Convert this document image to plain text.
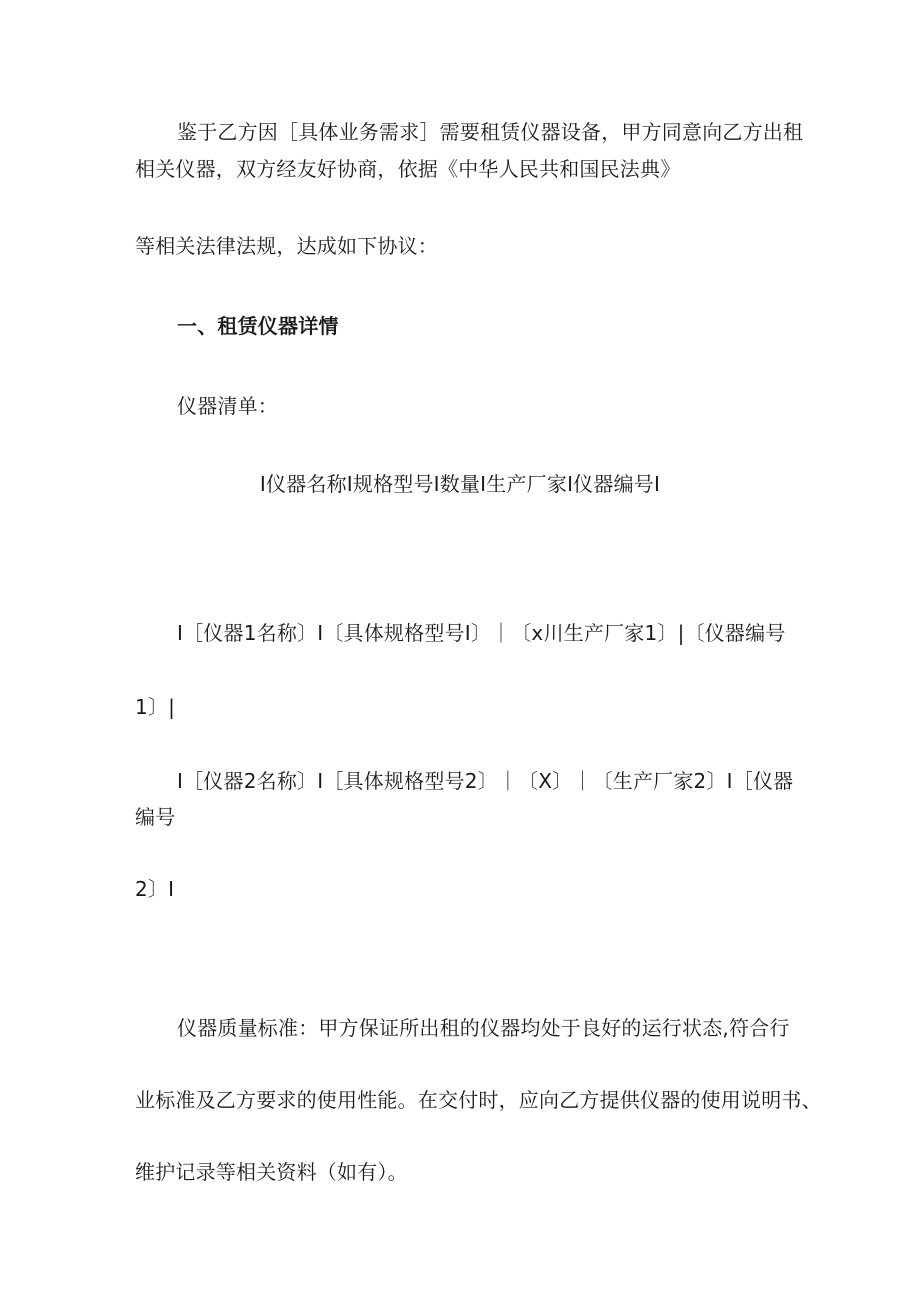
鉴于乙方因［具体业务需求］需要租赁仪器设备，甲方同意向乙方出租
相关仪器，双方经友好协商，依据《中华人民共和国民法典》
等相关法律法规，达成如下协议：
一、租赁仪器详情
仪器清单：
I仪器名称I规格型号I数量I生产厂家I仪器编号I
I［仪器1名称〕I〔具体规格型号I〕｜〔x川生产厂家1〕|〔仪器编号
1〕|
I［仪器2名称〕I［具体规格型号2〕｜〔X〕｜〔生产厂家2〕I［仪器
编号
2〕I
仪器质量标准：甲方保证所出租的仪器均处于良好的运行状态,符合行
业标准及乙方要求的使用性能。在交付时，应向乙方提供仪器的使用说明书、
维护记录等相关资料（如有）。
